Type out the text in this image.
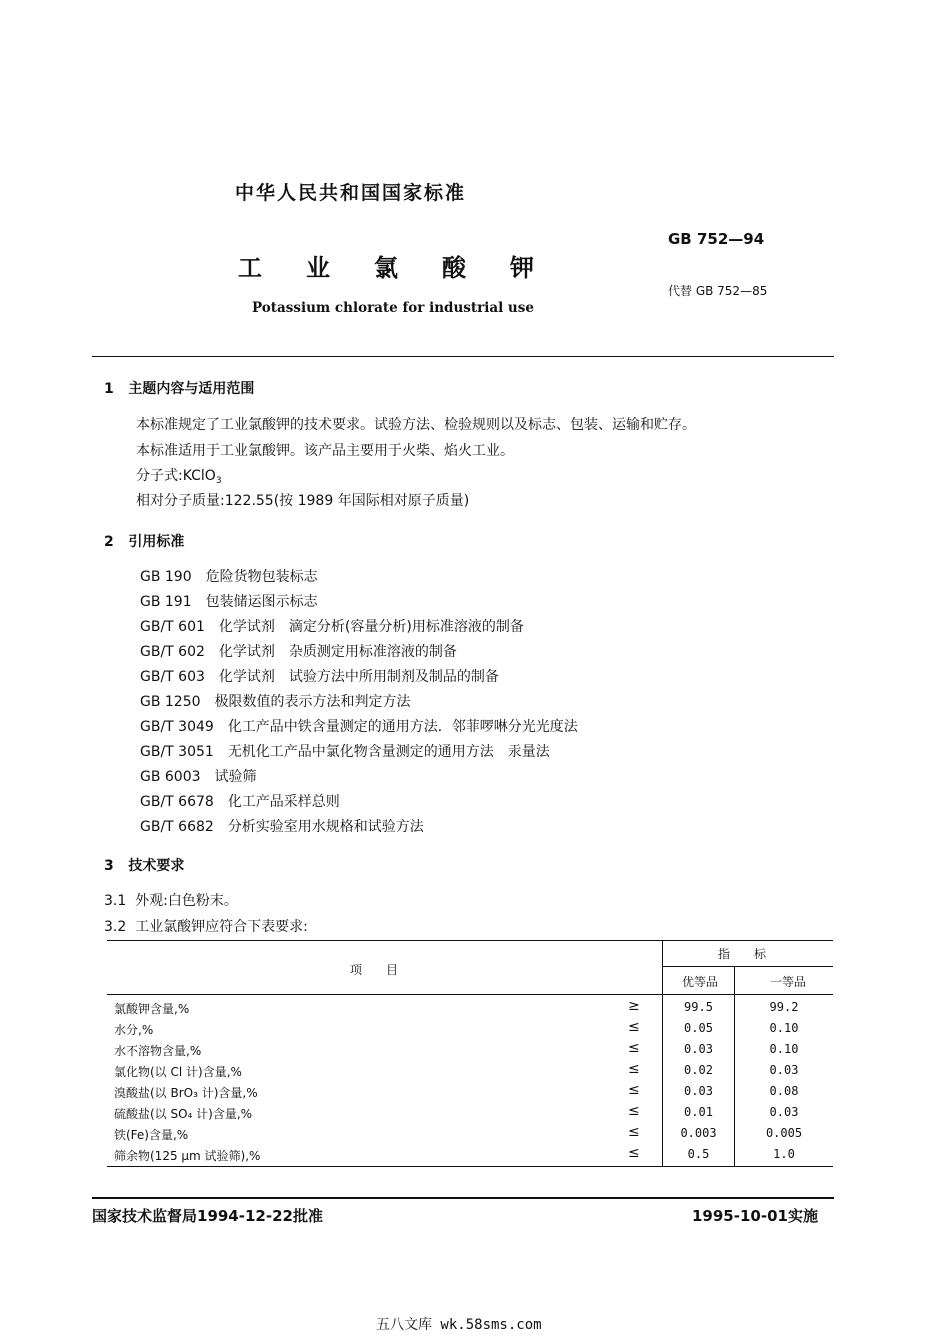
中华人民共和国国家标准
GB 752—94
工业氯酸钾
代替 GB 752—85
Potassium chlorate for industrial use
1 主题内容与适用范围
本标准规定了工业氯酸钾的技术要求。试验方法、检验规则以及标志、包装、运输和贮存。
本标准适用于工业氯酸钾。该产品主要用于火柴、焰火工业。
分子式:KClO$_3$
相对分子质量:122.55(按 1989 年国际相对原子质量)
2 引用标准
GB 190　 危险货物包装标志
GB 191　 包装储运图示标志
GB/T 601　 化学试剂　滴定分析(容量分析)用标准溶液的制备
GB/T 602　 化学试剂　杂质测定用标准溶液的制备
GB/T 603　 化学试剂　试验方法中所用制剂及制品的制备
GB 1250　 极限数值的表示方法和判定方法
GB/T 3049　 化工产品中铁含量测定的通用方法．邻菲啰啉分光光度法
GB/T 3051　 无机化工产品中氯化物含量测定的通用方法　汞量法
GB 6003　 试验筛
GB/T 6678　 化工产品采样总则
GB/T 6682　 分析实验室用水规格和试验方法
3 技术要求
3.1 外观:白色粉末。
3.2 工业氯酸钾应符合下表要求:
项　　目
指　　标
优等品	一等品
氯酸钾含量,%	≥	99.5	99.2
水分,%	≤	0.05	0.10
水不溶物含量,%	≤	0.03	0.10
氯化物(以 Cl 计)含量,%	≤	0.02	0.03
溴酸盐(以 BrO₃ 计)含量,%	≤	0.03	0.08
硫酸盐(以 SO₄ 计)含量,%	≤	0.01	0.03
铁(Fe)含量,%	≤	0.003	0.005
筛余物(125 μm 试验筛),%	≤	0.5	1.0
国家技术监督局1994-12-22批准	1995-10-01实施
五八文库 wk.58sms.com
